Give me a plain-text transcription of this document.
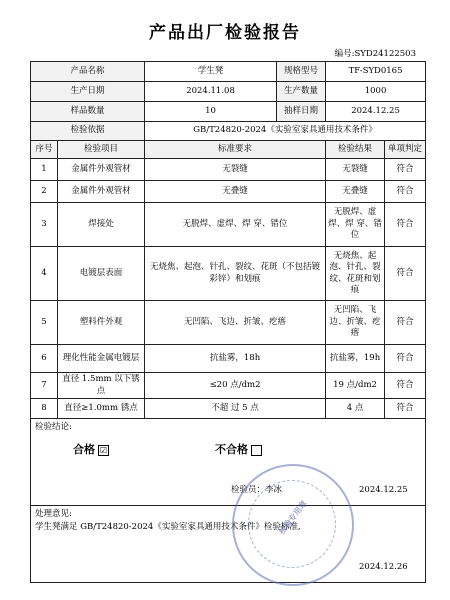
产品出厂检验报告
编号:SYD24122503
产品名称		学生凳	规格型号	TF-SYD0165	
生产日期		2024.11.08	生产数量	1000	
样品数量		10	抽样日期	2024.12.25	
检验依据		GB/T24820-2024《实验室家具通用技术条件》			
序号	检验项目	标准要求		检验结果	单项判定
1	金属件外观管材	无裂缝		无裂缝	符合
2	金属件外观管材	无叠缝		无叠缝	符合
3	焊接处	无脱焊、虚焊、焊 穿、错位		无脱焊、虚焊、焊 穿、错位	符合
4	电镀层表面	无烧焦、起泡、针孔、裂纹、花斑（不包括镀彩锌）和划痕		无烧焦、起泡、针孔、裂纹、花斑和划痕	符合
5	塑料件外观	无凹陷、飞边、折皱、疙瘩		无凹陷、飞边、折皱、疙瘩	符合
6	理化性能金属电镀层	抗盐雾，18h		抗盐雾，19h	符合
7	直径 1.5mm 以下锈点	≤20 点/dm2		19 点/dm2	符合
8	直径≥1.0mm 锈点	不超 过 5 点		4 点	符合

检验结论:
合格 ☑ 不合格
检验员：李冰 2024.12.25					

处理意见:
学生凳满足 GB/T24820-2024《实验室家具通用技术条件》检验标准,
2024.12.26					
检验专用章
